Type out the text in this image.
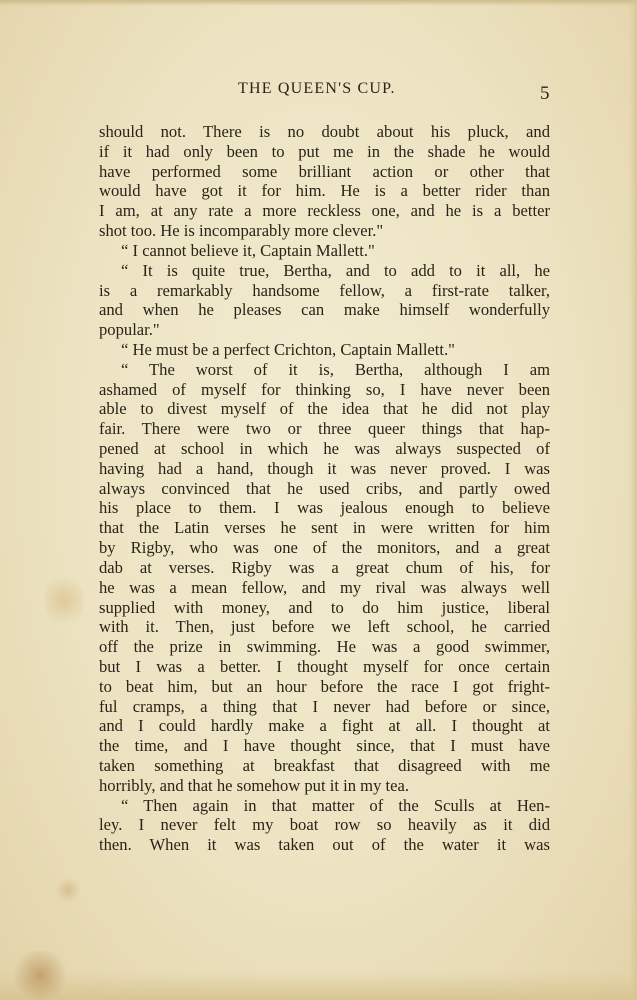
THE QUEEN'S CUP.	5
should not. There is no doubt about his pluck, and
if it had only been to put me in the shade he would
have performed some brilliant action or other that
would have got it for him. He is a better rider than
I am, at any rate a more reckless one, and he is a better
shot too. He is incomparably more clever."
“ I cannot believe it, Captain Mallett."
“ It is quite true, Bertha, and to add to it all, he
is a remarkably handsome fellow, a first-rate talker,
and when he pleases can make himself wonderfully
popular."
“ He must be a perfect Crichton, Captain Mallett."
“ The worst of it is, Bertha, although I am
ashamed of myself for thinking so, I have never been
able to divest myself of the idea that he did not play
fair. There were two or three queer things that hap-
pened at school in which he was always suspected of
having had a hand, though it was never proved. I was
always convinced that he used cribs, and partly owed
his place to them. I was jealous enough to believe
that the Latin verses he sent in were written for him
by Rigby, who was one of the monitors, and a great
dab at verses. Rigby was a great chum of his, for
he was a mean fellow, and my rival was always well
supplied with money, and to do him justice, liberal
with it. Then, just before we left school, he carried
off the prize in swimming. He was a good swimmer,
but I was a better. I thought myself for once certain
to beat him, but an hour before the race I got fright-
ful cramps, a thing that I never had before or since,
and I could hardly make a fight at all. I thought at
the time, and I have thought since, that I must have
taken something at breakfast that disagreed with me
horribly, and that he somehow put it in my tea.
“ Then again in that matter of the Sculls at Hen-
ley. I never felt my boat row so heavily as it did
then. When it was taken out of the water it was
